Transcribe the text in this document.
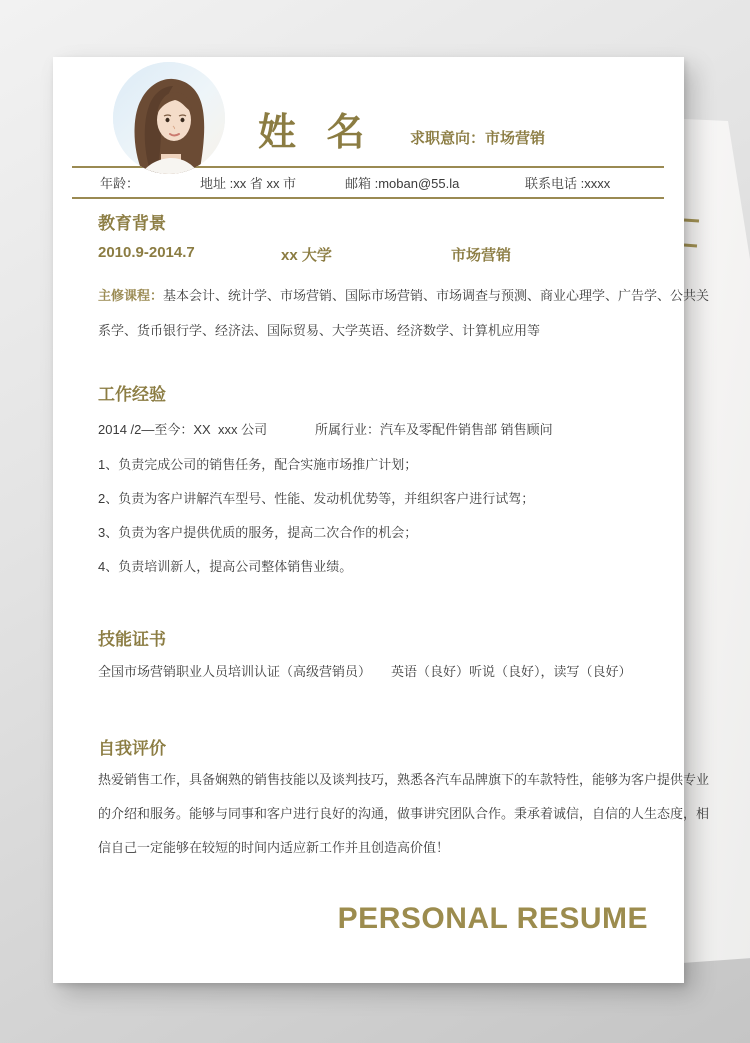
姓 名 求职意向：市场营销
年龄：	地址 :xx 省 xx 市	邮箱 :moban@55.la	联系电话 :xxxx
教育背景
2010.9-2014.7	xx 大学	市场营销
主修课程：基本会计、统计学、市场营销、国际市场营销、市场调查与预测、商业心理学、广告学、公共关
系学、货币银行学、经济法、国际贸易、大学英语、经济数学、计算机应用等
工作经验
2014 /2—至今：XX xxx 公司	所属行业：汽车及零配件销售部 销售顾问
1、负责完成公司的销售任务，配合实施市场推广计划；
2、负责为客户讲解汽车型号、性能、发动机优势等，并组织客户进行试驾；
3、负责为客户提供优质的服务，提高二次合作的机会；
4、负责培训新人，提高公司整体销售业绩。
技能证书
全国市场营销职业人员培训认证（高级营销员） 英语（良好）听说（良好），读写（良好）
自我评价
热爱销售工作，具备娴熟的销售技能以及谈判技巧，熟悉各汽车品牌旗下的车款特性，能够为客户提供专业
的介绍和服务。能够与同事和客户进行良好的沟通，做事讲究团队合作。秉承着诚信，自信的人生态度，相
信自己一定能够在较短的时间内适应新工作并且创造高价值！
PERSONAL RESUME
